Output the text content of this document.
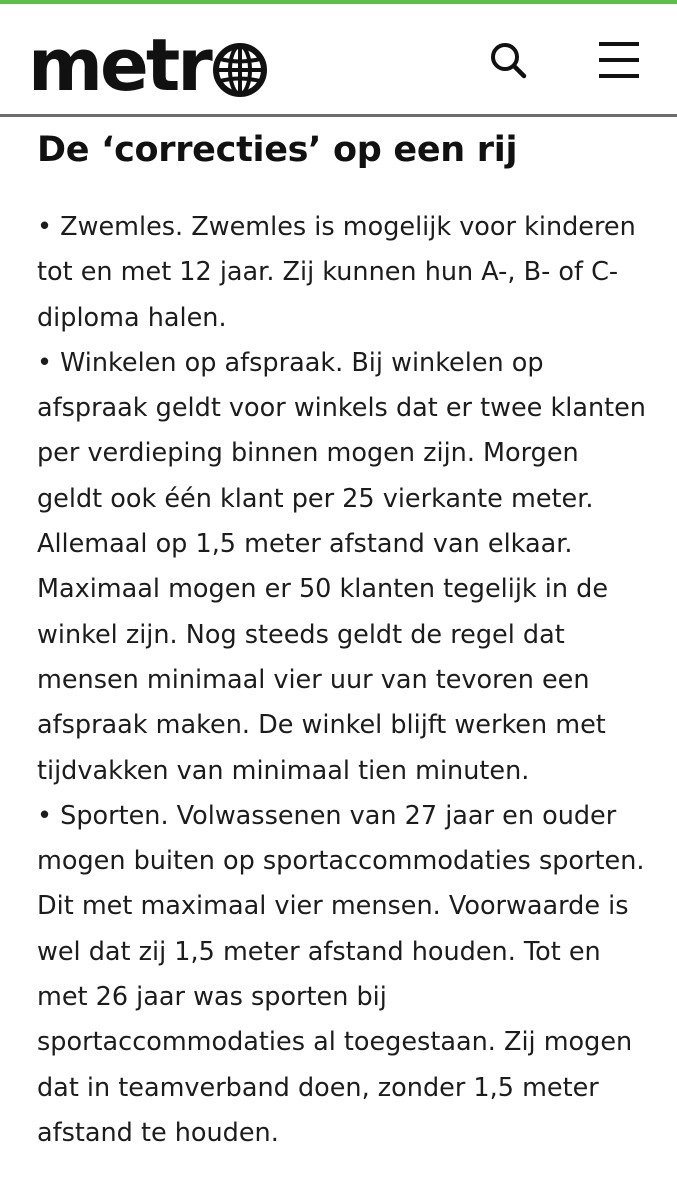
metr
De ‘correcties’ op een rij

• Zwemles. Zwemles is mogelijk voor kinderen tot en met 12 jaar. Zij kunnen hun A-, B- of C-diploma halen.

• Winkelen op afspraak. Bij winkelen op afspraak geldt voor winkels dat er twee klanten per verdieping binnen mogen zijn. Morgen geldt ook één klant per 25 vierkante meter. Allemaal op 1,5 meter afstand van elkaar. Maximaal mogen er 50 klanten tegelijk in de winkel zijn. Nog steeds geldt de regel dat mensen minimaal vier uur van tevoren een afspraak maken. De winkel blijft werken met tijdvakken van minimaal tien minuten.

• Sporten. Volwassenen van 27 jaar en ouder mogen buiten op sportaccommodaties sporten. Dit met maximaal vier mensen. Voorwaarde is wel dat zij 1,5 meter afstand houden. Tot en met 26 jaar was sporten bij sportaccommodaties al toegestaan. Zij mogen dat in teamverband doen, zonder 1,5 meter afstand te houden.
